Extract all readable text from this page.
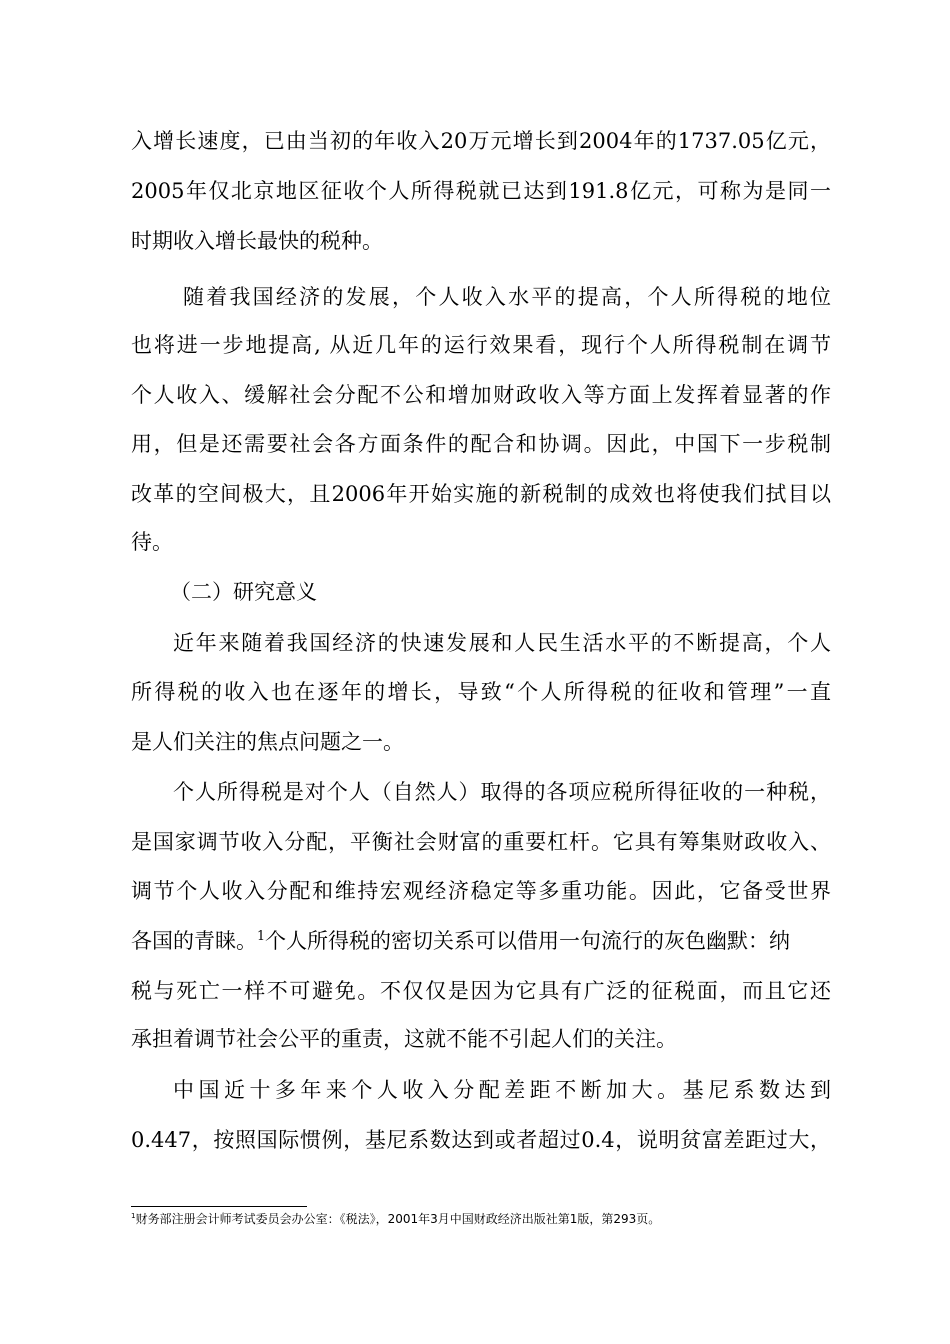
入增长速度，已由当初的年收入20万元增长到2004年的1737.05亿元，
2005年仅北京地区征收个人所得税就已达到191.8亿元，可称为是同一
时期收入增长最快的税种。
随着我国经济的发展，个人收入水平的提高，个人所得税的地位
也将进一步地提高, 从近几年的运行效果看，现行个人所得税制在调节
个人收入、缓解社会分配不公和增加财政收入等方面上发挥着显著的作
用，但是还需要社会各方面条件的配合和协调。因此，中国下一步税制
改革的空间极大，且2006年开始实施的新税制的成效也将使我们拭目以
待。
（二）研究意义
近年来随着我国经济的快速发展和人民生活水平的不断提高，个人
所得税的收入也在逐年的增长，导致“个人所得税的征收和管理”一直
是人们关注的焦点问题之一。
个人所得税是对个人（自然人）取得的各项应税所得征收的一种税，
是国家调节收入分配，平衡社会财富的重要杠杆。它具有筹集财政收入、
调节个人收入分配和维持宏观经济稳定等多重功能。因此，它备受世界
各国的青睐。$^1$个人所得税的密切关系可以借用一句流行的灰色幽默：纳
税与死亡一样不可避免。不仅仅是因为它具有广泛的征税面，而且它还
承担着调节社会公平的重责，这就不能不引起人们的关注。
中国近十多年来个人收入分配差距不断加大。基尼系数达到
0.447，按照国际惯例，基尼系数达到或者超过0.4，说明贫富差距过大，
$^1$财务部注册会计师考试委员会办公室：《税法》，2001年3月中国财政经济出版社第1版，第293页。
